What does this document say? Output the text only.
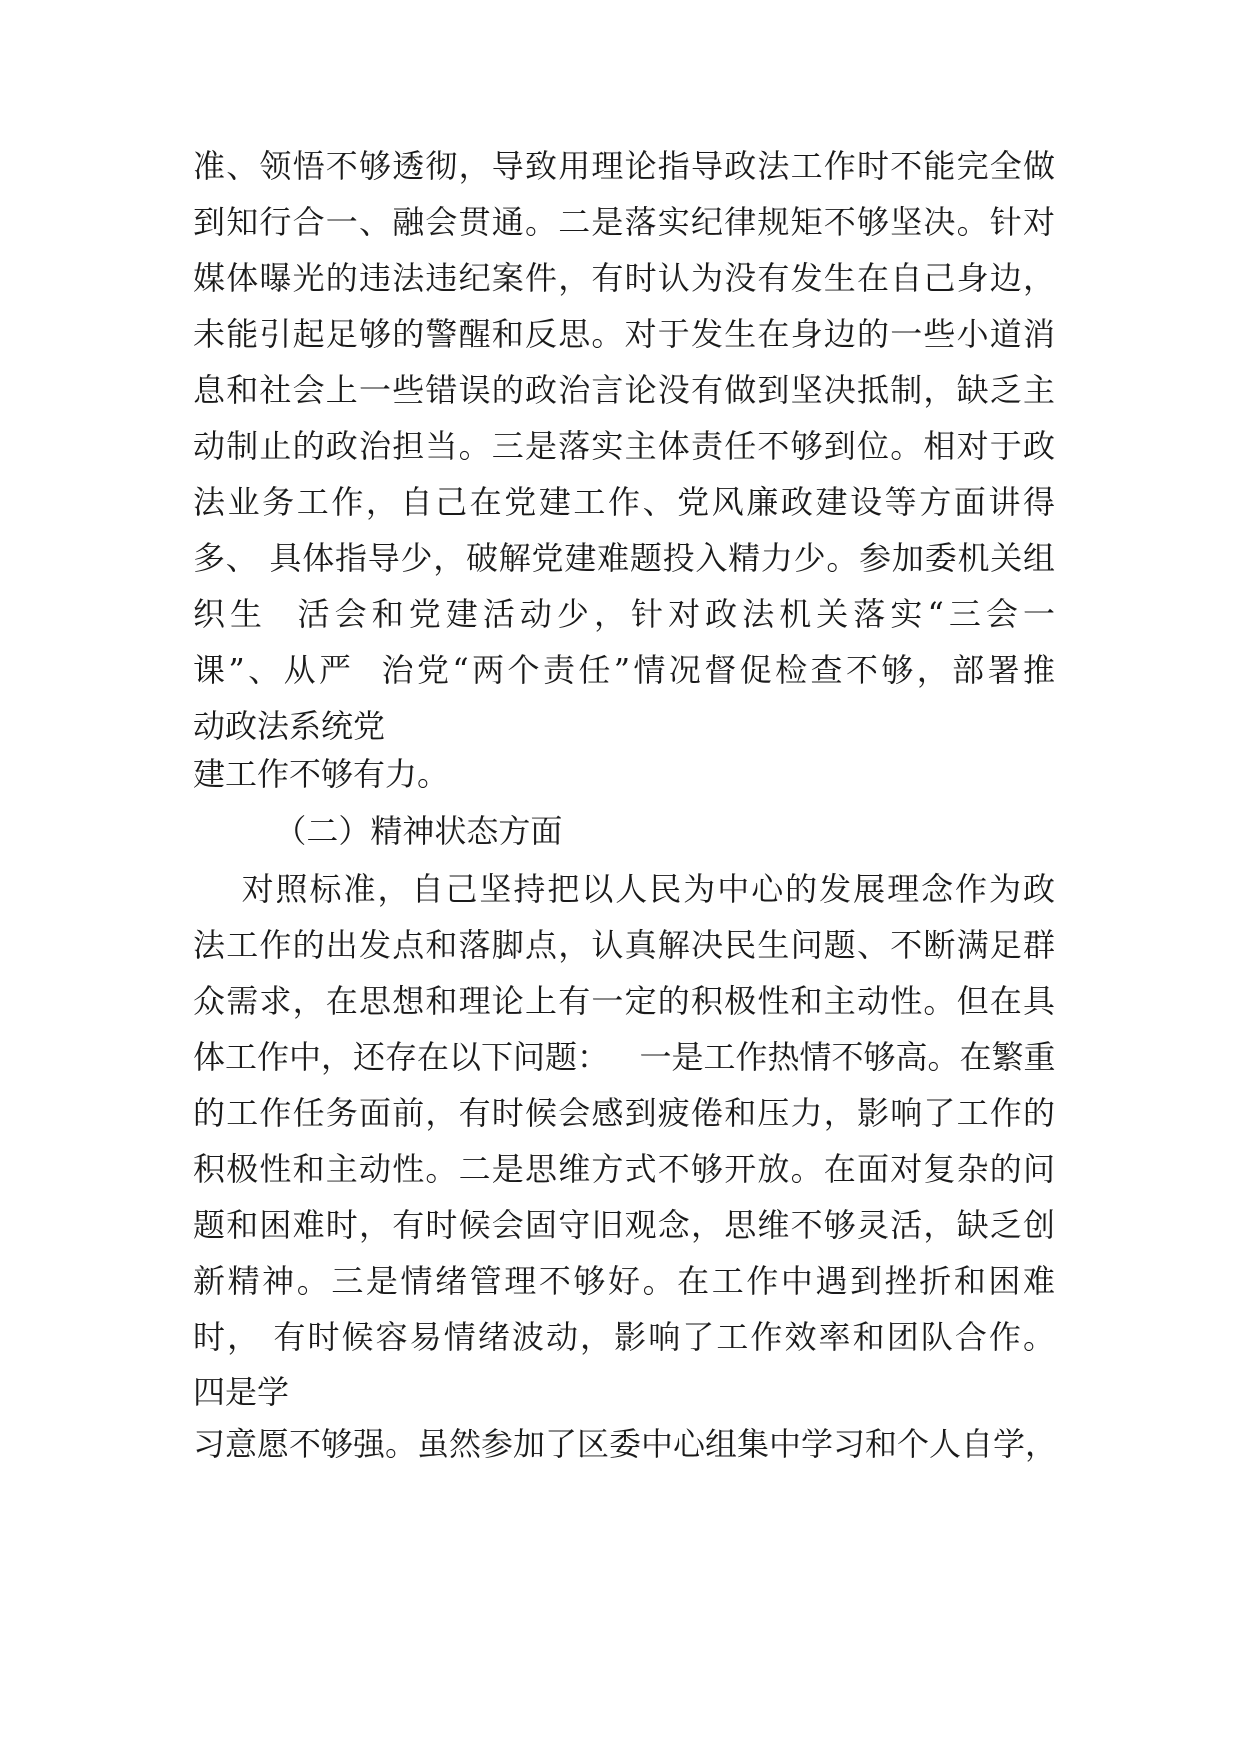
准、领悟不够透彻，导致用理论指导政法工作时不能完全做
到知行合一、融会贯通。二是落实纪律规矩不够坚决。针对
媒体曝光的违法违纪案件，有时认为没有发生在自己身边，
未能引起足够的警醒和反思。对于发生在身边的一些小道消
息和社会上一些错误的政治言论没有做到坚决抵制，缺乏主
动制止的政治担当。三是落实主体责任不够到位。相对于政
法业务工作，自己在党建工作、党风廉政建设等方面讲得
多、 具体指导少，破解党建难题投入精力少。参加委机关组
织生  活会和党建活动少，针对政法机关落实“三会一
课”、从严  治党“两个责任”情况督促检查不够，部署推
动政法系统党
建工作不够有力。
（二）精神状态方面
对照标准，自己坚持把以人民为中心的发展理念作为政
法工作的出发点和落脚点，认真解决民生问题、不断满足群
众需求，在思想和理论上有一定的积极性和主动性。但在具
体工作中，还存在以下问题：   一是工作热情不够高。在繁重
的工作任务面前，有时候会感到疲倦和压力，影响了工作的
积极性和主动性。二是思维方式不够开放。在面对复杂的问
题和困难时，有时候会固守旧观念，思维不够灵活，缺乏创
新精神。三是情绪管理不够好。在工作中遇到挫折和困难
时， 有时候容易情绪波动，影响了工作效率和团队合作。
四是学
习意愿不够强。虽然参加了区委中心组集中学习和个人自学，
